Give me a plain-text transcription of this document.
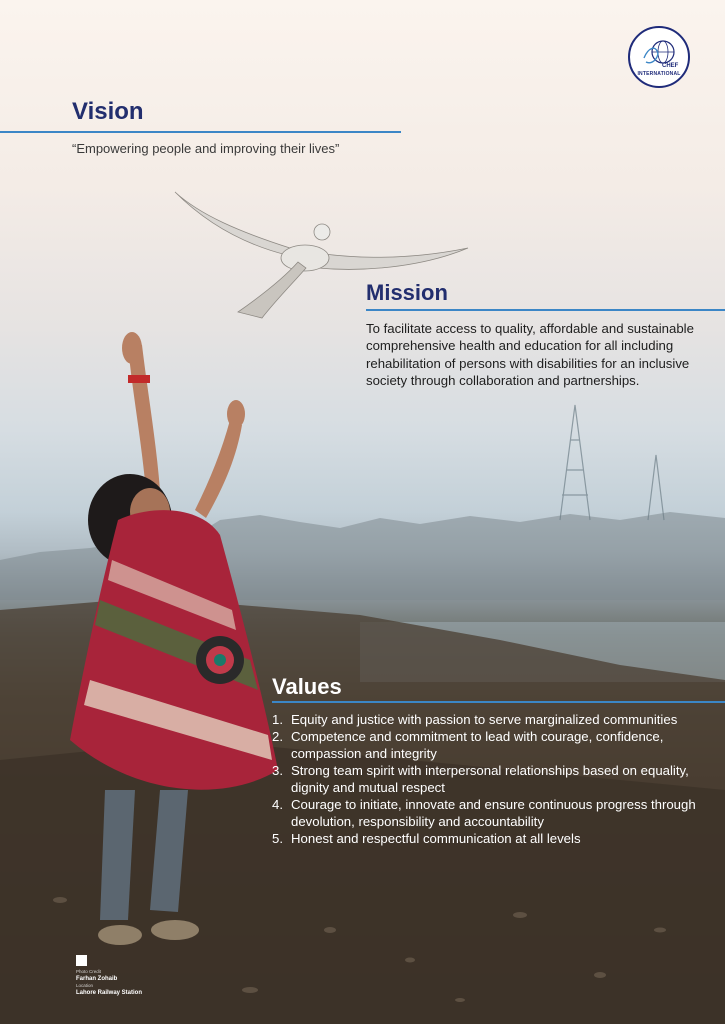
CHEF
INTERNATIONAL
Vision
“Empowering people and improving their lives”
Mission

To facilitate access to quality, affordable and sustainable comprehensive health and education for all including rehabilitation of persons with disabilities for an inclusive society through collaboration and partnerships.

Values
1. Equity and justice with passion to serve marginalized communities
2. Competence and commitment to lead with courage, confidence, compassion and integrity
3. Strong team spirit with interpersonal relationships based on equality, dignity and mutual respect
4. Courage to initiate, innovate and ensure continuous progress through devolution, responsibility and accountability
5. Honest and respectful communication at all levels
Photo Credit
Farhan Zohaib
Location
Lahore Railway Station
